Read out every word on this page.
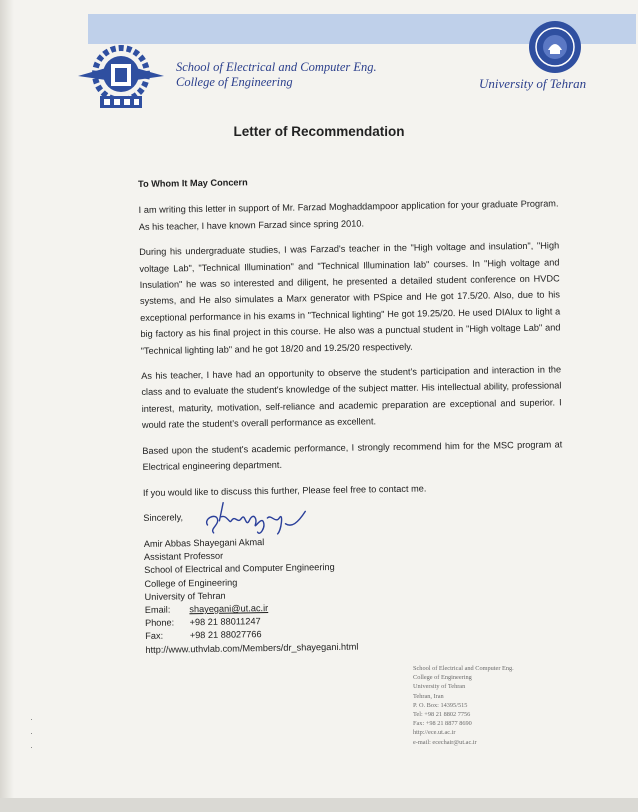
School of Electrical and Computer Eng.
College of Engineering	University of Tehran
Letter of Recommendation

To Whom It May Concern

I am writing this letter in support of Mr. Farzad Moghaddampoor application for your graduate Program. As his teacher, I have known Farzad since spring 2010.

During his undergraduate studies, I was Farzad's teacher in the "High voltage and insulation", "High voltage Lab", "Technical Illumination" and "Technical Illumination lab" courses. In "High voltage and Insulation" he was so interested and diligent, he presented a detailed student conference on HVDC systems, and He also simulates a Marx generator with PSpice and He got 17.5/20. Also, due to his exceptional performance in his exams in "Technical lighting" He got 19.25/20. He used DIAlux to light a big factory as his final project in this course. He also was a punctual student in "High voltage Lab" and "Technical lighting lab" and he got 18/20 and 19.25/20 respectively.

As his teacher, I have had an opportunity to observe the student's participation and interaction in the class and to evaluate the student's knowledge of the subject matter. His intellectual ability, professional interest, maturity, motivation, self-reliance and academic preparation are exceptional and superior. I would rate the student's overall performance as excellent.

Based upon the student's academic performance, I strongly recommend him for the MSC program at Electrical engineering department.

If you would like to discuss this further, Please feel free to contact me.

Sincerely,
Amir Abbas Shayegani Akmal
Assistant Professor
School of Electrical and Computer Engineering
College of Engineering
University of Tehran
Email: shayegani@ut.ac.ir
Phone: +98 21 88011247
Fax:	+98 21 88027766
http://www.uthvlab.com/Members/dr_shayegani.html
School of Electrical and Computer Eng.
College of Engineering
University of Tehran
Tehran, Iran
P. O. Box: 14395/515
Tel: +98 21 8802 7756
Fax: +98 21 8877 8690
http://ece.ut.ac.ir
e-mail: ecechair@ut.ac.ir
·
·
·
